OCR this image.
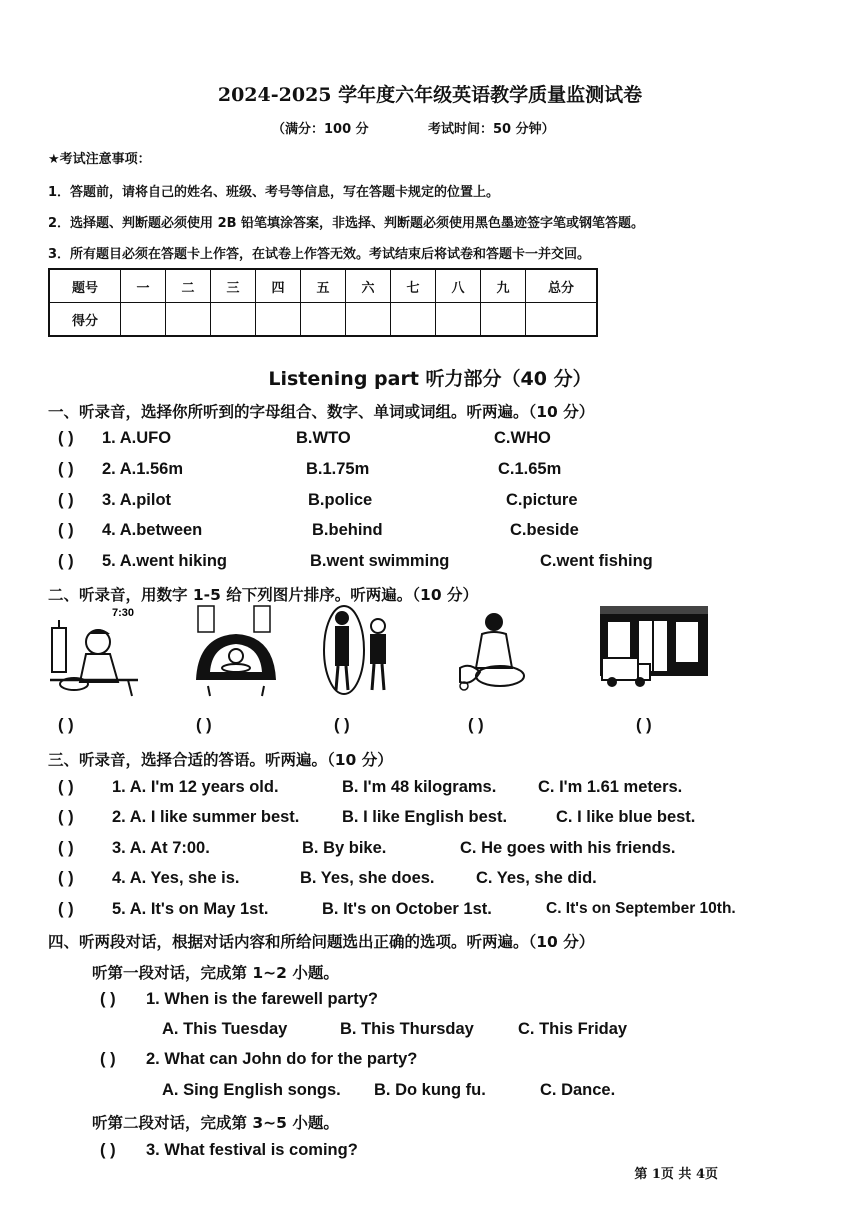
2024-2025 学年度六年级英语教学质量监测试卷
（满分：100 分	考试时间：50 分钟）
★考试注意事项：
1．答题前，请将自己的姓名、班级、考号等信息，写在答题卡规定的位置上。
2．选择题、判断题必须使用 2B 铅笔填涂答案，非选择、判断题必须使用黑色墨迹签字笔或钢笔答题。
3．所有题目必须在答题卡上作答，在试卷上作答无效。考试结束后将试卷和答题卡一并交回。
题号	一	二	三	四	五	六	七	八	九	总分
得分										
Listening part 听力部分（40 分）
一、听录音，选择你所听到的字母组合、数字、单词或词组。听两遍。（10 分）
( ) 1. A.UFO	B.WTO	C.WHO
( ) 2. A.1.56m	B.1.75m	C.1.65m
( ) 3. A.pilot	B.police	C.picture
( ) 4. A.between	B.behind	C.beside
( ) 5. A.went hiking	B.went swimming	C.went fishing
二、听录音，用数字 1-5 给下列图片排序。听两遍。（10 分）
7:30
( )	( )	( )	( )	( )
三、听录音，选择合适的答语。听两遍。（10 分）
( ) 1. A. I'm 12 years old.	B. I'm 48 kilograms.	C. I'm 1.61 meters.
( ) 2. A. I like summer best.	B. I like English best.	C. I like blue best.
( ) 3. A. At 7:00.	B. By bike.	C. He goes with his friends.
( ) 4. A. Yes, she is.	B. Yes, she does.	C. Yes, she did.
( ) 5. A. It's on May 1st.	B. It's on October 1st.	C. It's on September 10th.
四、听两段对话，根据对话内容和所给问题选出正确的选项。听两遍。（10 分）
听第一段对话，完成第 1~2 小题。
( ) 1. When is the farewell party?
A. This Tuesday	B. This Thursday	C. This Friday
( ) 2. What can John do for the party?
A. Sing English songs. B. Do kung fu.	C. Dance.
听第二段对话，完成第 3~5 小题。
( ) 3. What festival is coming?
第 1页 共 4页
